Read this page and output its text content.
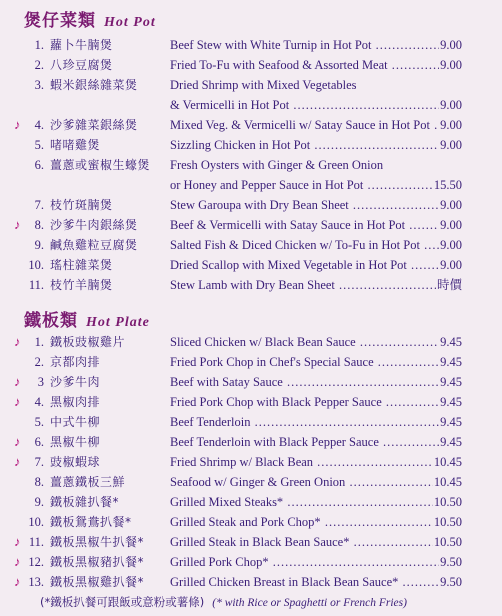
煲仔菜類 Hot Pot
1. 蘿卜牛腩煲	Beef Stew with White Turnip in Hot Pot .....	9.00
2. 八珍豆腐煲	Fried To-Fu with Seafood & Assorted Meat .....	9.00
3. 蝦米銀絲雜菜煲	Dried Shrimp with Mixed Vegetables
& Vermicelli in Hot Pot .....	9.00
♪	4. 沙爹雜菜銀絲煲	Mixed Veg. & Vermicelli w/ Satay Sauce in Hot Pot ..... 9.00
5. 啫啫雞煲	Sizzling Chicken in Hot Pot .....	9.00
6. 薑蔥或蜜椒生蠔煲 Fresh Oysters with Ginger & Green Onion
or Honey and Pepper Sauce in Hot Pot .....	15.50
7. 枝竹斑腩煲	Stew Garoupa with Dry Bean Sheet .....	9.00
♪	8. 沙爹牛肉銀絲煲	Beef & Vermicelli with Satay Sauce in Hot Pot .....	9.00
9. 鹹魚雞粒豆腐煲	Salted Fish & Diced Chicken w/ To-Fu in Hot Pot .....	9.00
10. 瑤柱雜菜煲	Dried Scallop with Mixed Vegetable in Hot Pot .....	9.00
11. 枝竹羊腩煲	Stew Lamb with Dry Bean Sheet .....	時價
鐵板類 Hot Plate
♪	1. 鐵板豉椒雞片	Sliced Chicken w/ Black Bean Sauce .....	9.45
2. 京都肉排	Fried Pork Chop in Chef's Special Sauce .....	9.45
♪	3 沙爹牛肉	Beef with Satay Sauce .....	9.45
♪	4. 黑椒肉排	Fried Pork Chop with Black Pepper Sauce .....	9.45
5. 中式牛柳	Beef Tenderloin .....	9.45
♪	6. 黑椒牛柳	Beef Tenderloin with Black Pepper Sauce .....	9.45
♪	7. 豉椒蝦球	Fried Shrimp w/ Black Bean .....	10.45
8. 薑蔥鐵板三鮮	Seafood w/ Ginger & Green Onion .....	10.45
9. 鐵板雜扒餐*	Grilled Mixed Steaks* .....	10.50
10. 鐵板鴛鴦扒餐*	Grilled Steak and Pork Chop* .....	10.50
♪ 11. 鐵板黑椒牛扒餐* Grilled Steak in Black Bean Sauce* .....	10.50
♪ 12. 鐵板黑椒豬扒餐* Grilled Pork Chop* .....	9.50
♪ 13. 鐵板黑椒雞扒餐* Grilled Chicken Breast in Black Bean Sauce* .....	9.50
(*鐵板扒餐可跟飯或意粉或薯條) (* with Rice or Spaghetti or French Fries)
